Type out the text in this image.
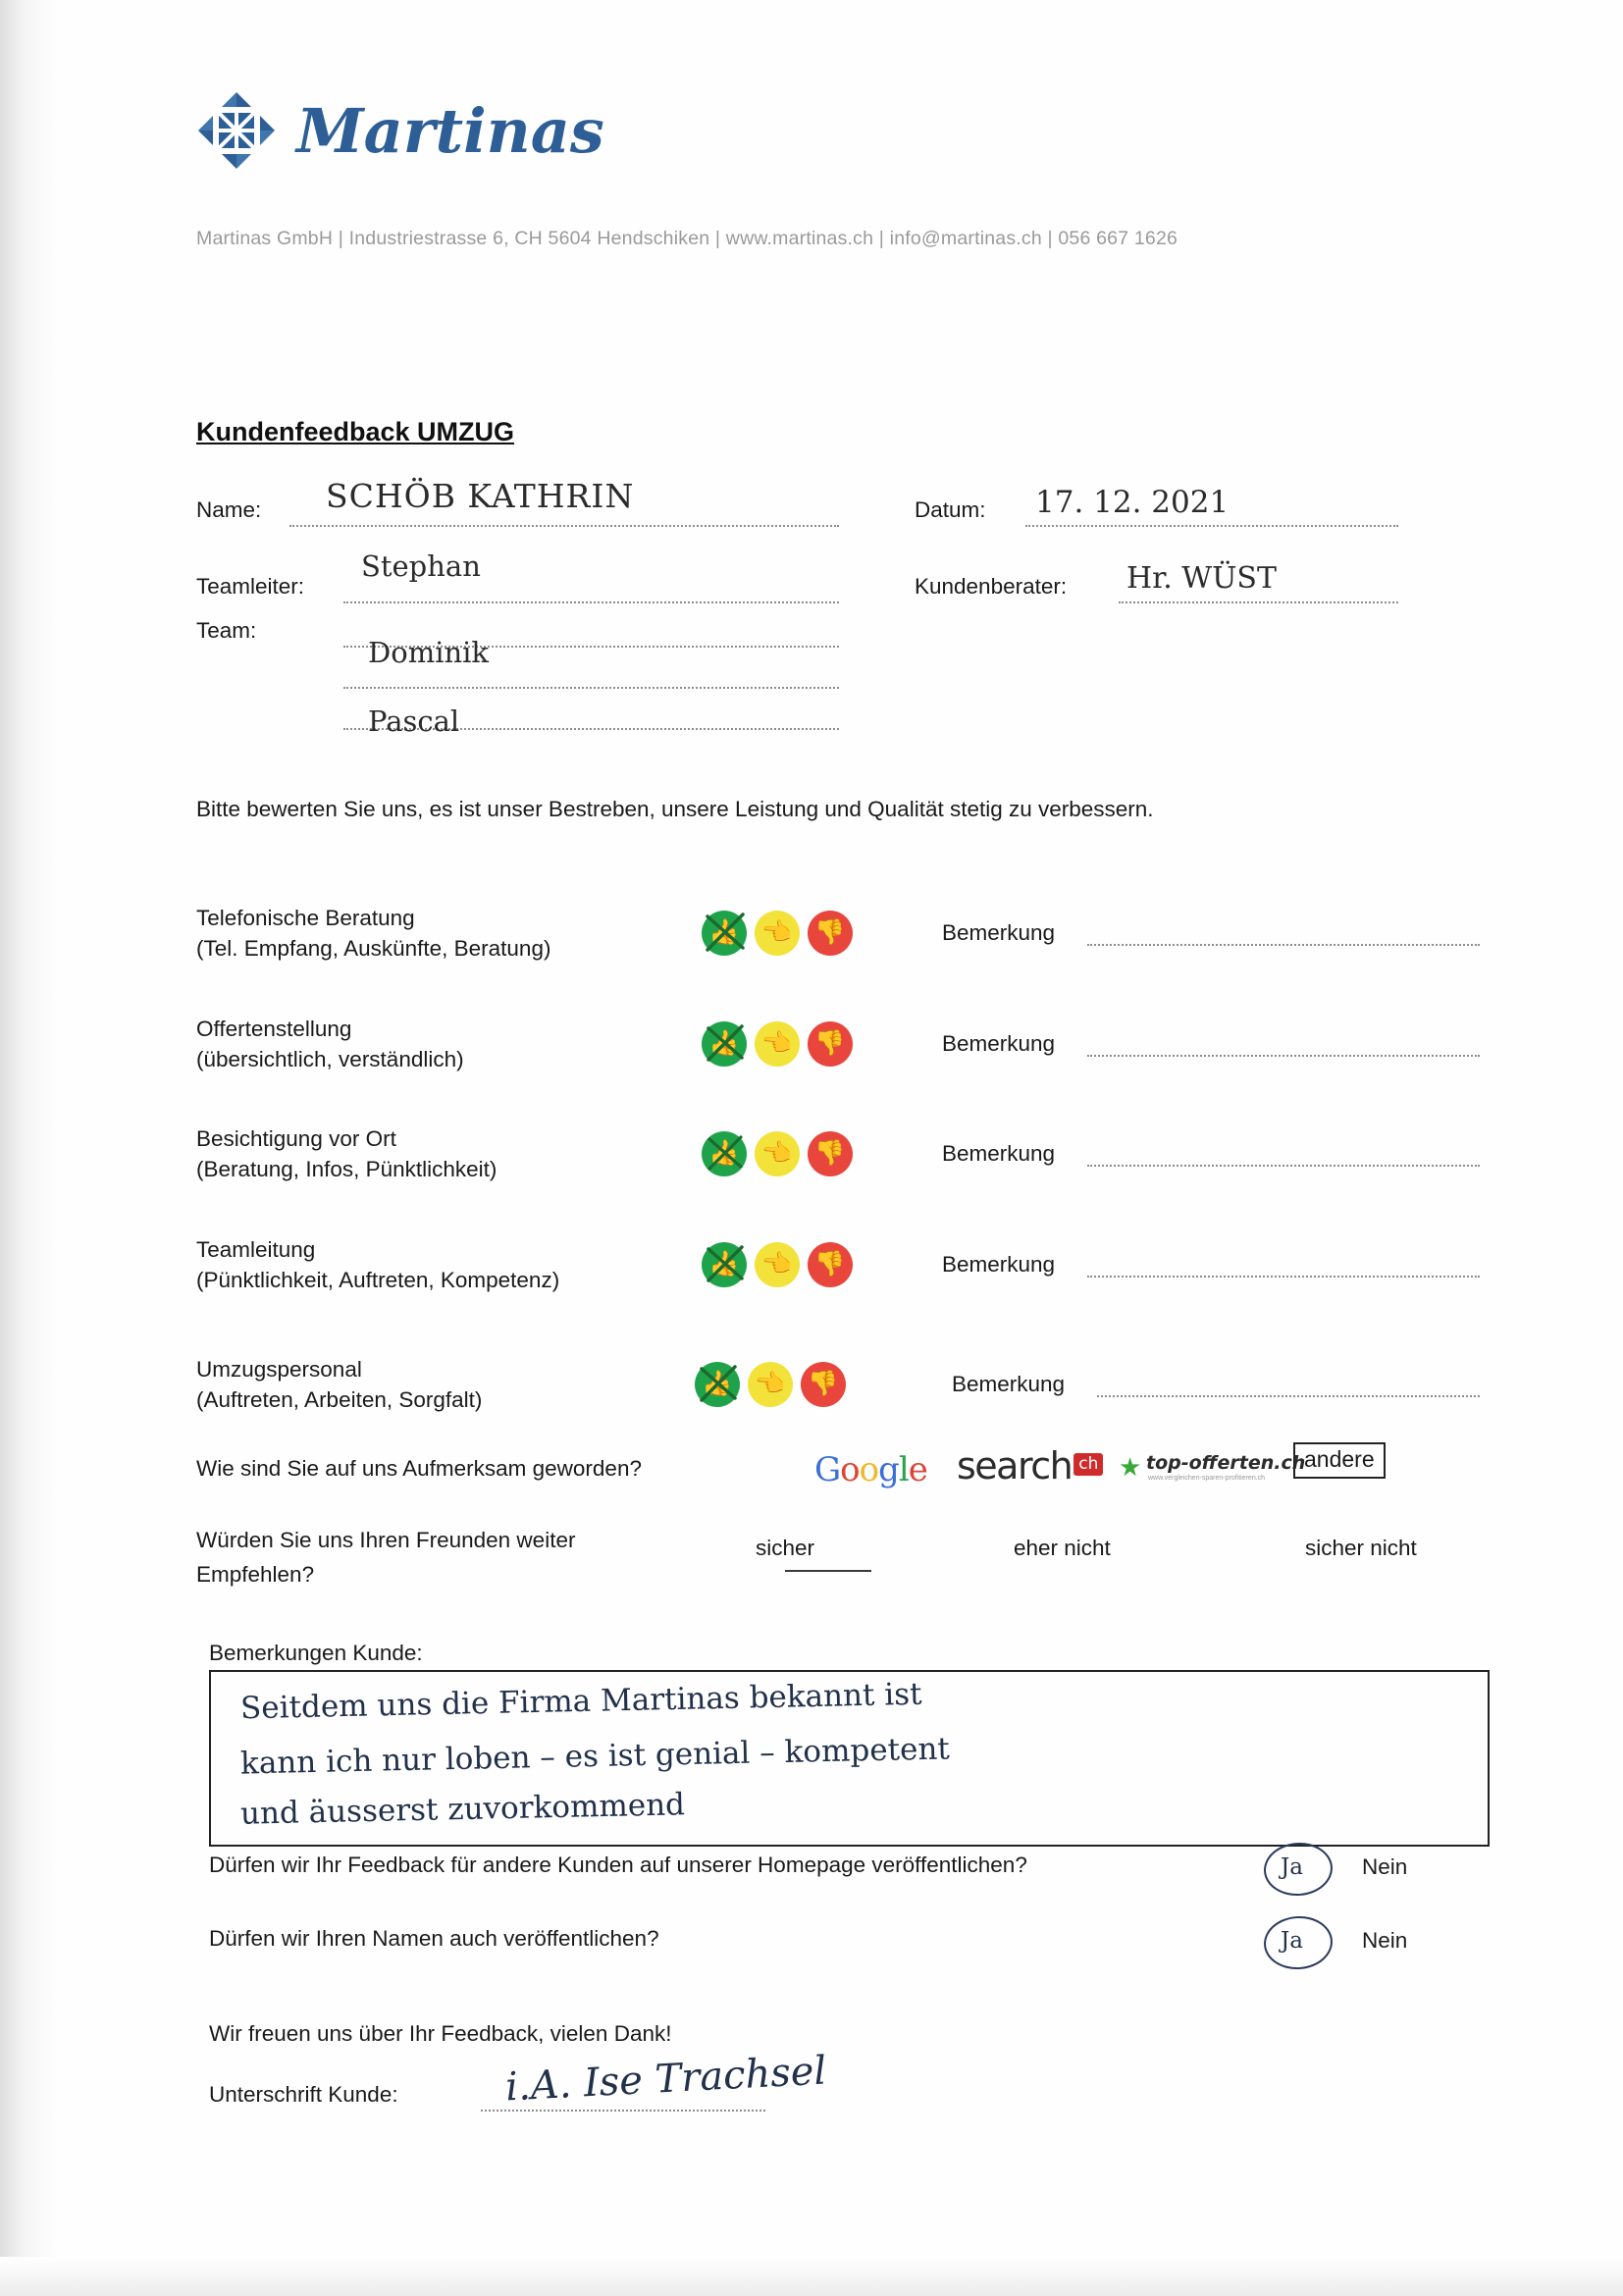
Martinas
Martinas GmbH | Industriestrasse 6, CH 5604 Hendschiken | www.martinas.ch | info@martinas.ch | 056 667 1626
Kundenfeedback UMZUG
Name: SCHÖB KATHRIN	Datum: 17. 12. 2021
Teamleiter:
Stephan
Kundenberater: Hr. WÜST
Team:
Dominik
Pascal
Bitte bewerten Sie uns, es ist unser Bestreben, unsere Leistung und Qualität stetig zu verbessern.
Telefonische Beratung
(Tel. Empfang, Auskünfte, Beratung)
👍 👈 👎	Bemerkung
Offertenstellung
(übersichtlich, verständlich)
👍 👈 👎	Bemerkung
Besichtigung vor Ort
(Beratung, Infos, Pünktlichkeit)
👍 👈 👎	Bemerkung
Teamleitung
(Pünktlichkeit, Auftreten, Kompetenz)
👍 👈 👎	Bemerkung
Umzugspersonal
(Auftreten, Arbeiten, Sorgfalt)
👍 👈 👎	Bemerkung
Wie sind Sie auf uns Aufmerksam geworden?	Google search ch ★ top-offerten.ch
www.vergleichen-sparen-profitieren.ch
andere
Würden Sie uns Ihren Freunden weiter
Empfehlen?
sicher	eher nicht	sicher nicht
Bemerkungen Kunde:
Seitdem uns die Firma Martinas bekannt ist
kann ich nur loben – es ist genial – kompetent
und äusserst zuvorkommend
Dürfen wir Ihr Feedback für andere Kunden auf unserer Homepage veröffentlichen?	Ja	Nein
Dürfen wir Ihren Namen auch veröffentlichen?	Ja	Nein
Wir freuen uns über Ihr Feedback, vielen Dank!
Unterschrift Kunde:	i.A. Ise Trachsel
